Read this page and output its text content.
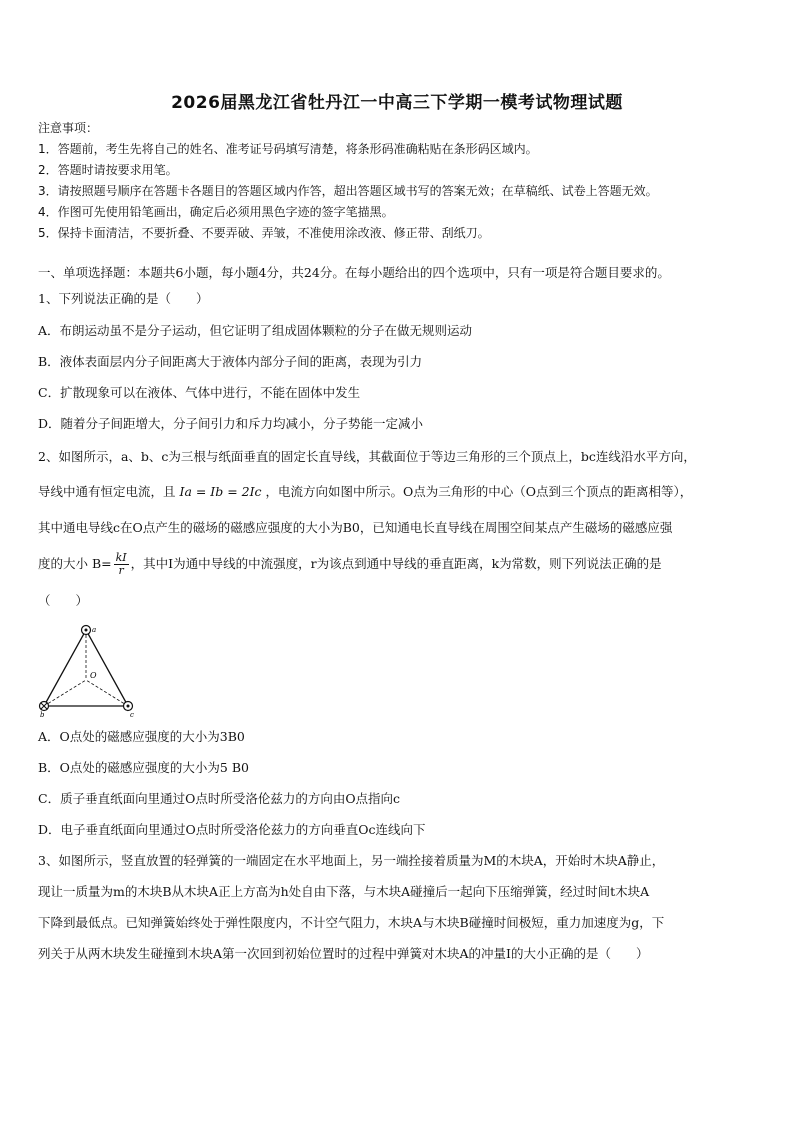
2026届黑龙江省牡丹江一中高三下学期一模考试物理试题
注意事项：
1．答题前，考生先将自己的姓名、准考证号码填写清楚，将条形码准确粘贴在条形码区域内。
2．答题时请按要求用笔。
3．请按照题号顺序在答题卡各题目的答题区域内作答，超出答题区域书写的答案无效；在草稿纸、试卷上答题无效。
4．作图可先使用铅笔画出，确定后必须用黑色字迹的签字笔描黑。
5．保持卡面清洁，不要折叠、不要弄破、弄皱，不准使用涂改液、修正带、刮纸刀。
一、单项选择题：本题共6小题，每小题4分，共24分。在每小题给出的四个选项中，只有一项是符合题目要求的。
1、下列说法正确的是（　　）
A．布朗运动虽不是分子运动，但它证明了组成固体颗粒的分子在做无规则运动
B．液体表面层内分子间距离大于液体内部分子间的距离，表现为引力
C．扩散现象可以在液体、气体中进行，不能在固体中发生
D．随着分子间距增大，分子间引力和斥力均减小，分子势能一定减小
2、如图所示，a、b、c为三根与纸面垂直的固定长直导线，其截面位于等边三角形的三个顶点上，bc连线沿水平方向，
导线中通有恒定电流，且 Ia = Ib = 2Ic ，电流方向如图中所示。O点为三角形的中心（O点到三个顶点的距离相等），
其中通电导线c在O点产生的磁场的磁感应强度的大小为B0，已知通电长直导线在周围空间某点产生磁场的磁感应强
度的大小 $B= \frac{kI}{r}$ ，其中I为通中导线的中流强度，r为该点到通中导线的垂直距离，k为常数，则下列说法正确的是
（　　）
a
O
b	c
A．O点处的磁感应强度的大小为3B0
B．O点处的磁感应强度的大小为5 B0
C．质子垂直纸面向里通过O点时所受洛伦兹力的方向由O点指向c
D．电子垂直纸面向里通过O点时所受洛伦兹力的方向垂直Oc连线向下
3、如图所示，竖直放置的轻弹簧的一端固定在水平地面上，另一端拴接着质量为M的木块A，开始时木块A静止，
现让一质量为m的木块B从木块A正上方高为h处自由下落，与木块A碰撞后一起向下压缩弹簧，经过时间t木块A
下降到最低点。已知弹簧始终处于弹性限度内，不计空气阻力，木块A与木块B碰撞时间极短，重力加速度为g，下
列关于从两木块发生碰撞到木块A第一次回到初始位置时的过程中弹簧对木块A的冲量I的大小正确的是（　　）
